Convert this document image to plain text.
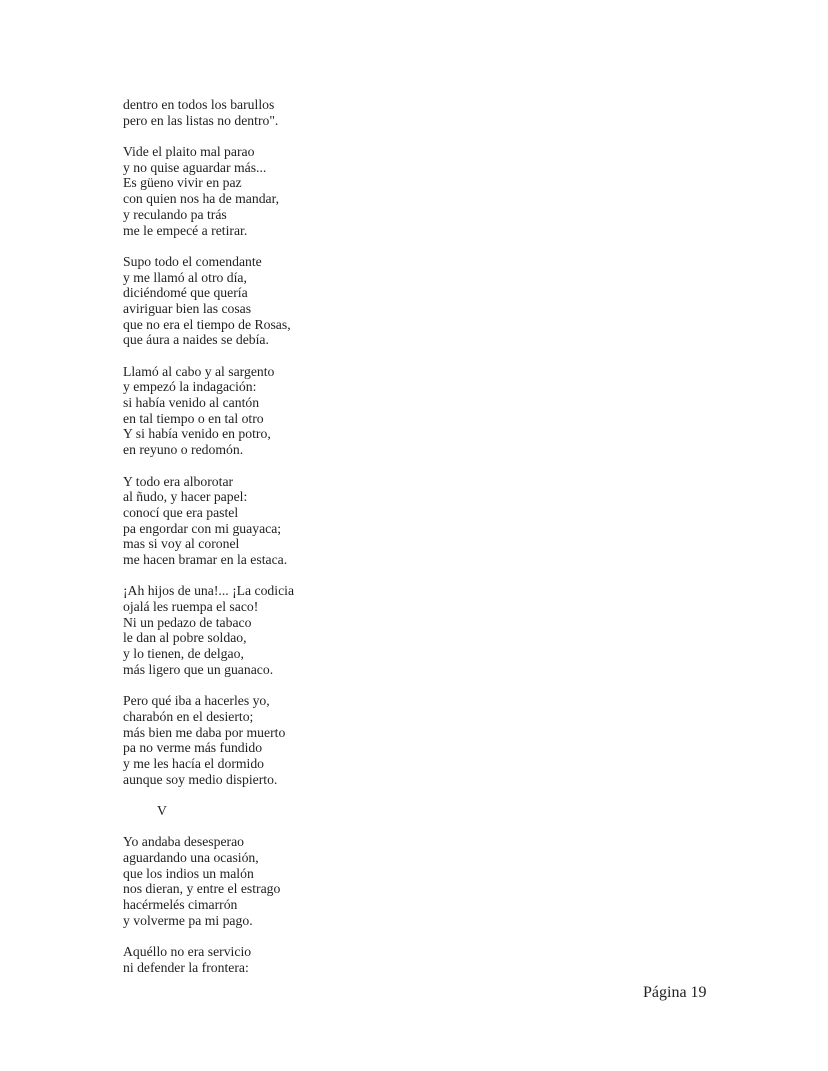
dentro en todos los barullos
pero en las listas no dentro".
Vide el plaito mal parao
y no quise aguardar más...
Es güeno vivir en paz
con quien nos ha de mandar,
y reculando pa trás
me le empecé a retirar.
Supo todo el comendante
y me llamó al otro día,
diciéndomé que quería
aviriguar bien las cosas
que no era el tiempo de Rosas,
que áura a naides se debía.
Llamó al cabo y al sargento
y empezó la indagación:
si había venido al cantón
en tal tiempo o en tal otro
Y si había venido en potro,
en reyuno o redomón.
Y todo era alborotar
al ñudo, y hacer papel:
conocí que era pastel
pa engordar con mi guayaca;
mas si voy al coronel
me hacen bramar en la estaca.
¡Ah hijos de una!... ¡La codicia
ojalá les ruempa el saco!
Ni un pedazo de tabaco
le dan al pobre soldao,
y lo tienen, de delgao,
más ligero que un guanaco.
Pero qué iba a hacerles yo,
charabón en el desierto;
más bien me daba por muerto
pa no verme más fundido
y me les hacía el dormido
aunque soy medio dispierto.
V
Yo andaba desesperao
aguardando una ocasión,
que los indios un malón
nos dieran, y entre el estrago
hacérmelés cimarrón
y volverme pa mi pago.
Aquéllo no era servicio
ni defender la frontera:
Página 19
